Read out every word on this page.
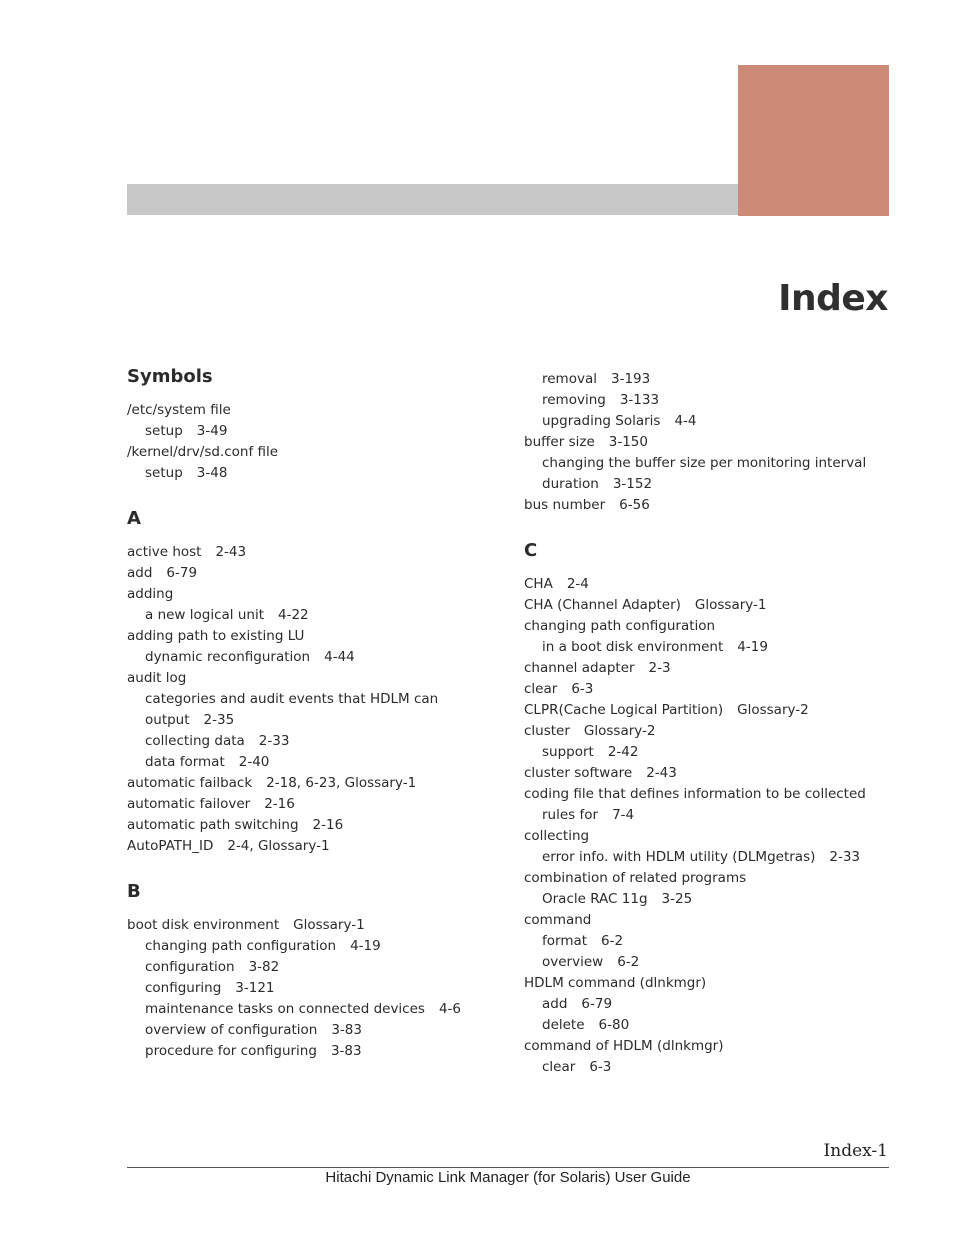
Index
Symbols
/etc/system file
setup 3-49
/kernel/drv/sd.conf file
setup 3-48
A
active host 2-43
add 6-79
adding
a new logical unit 4-22
adding path to existing LU
dynamic reconfiguration 4-44
audit log
categories and audit events that HDLM can
output 2-35
collecting data 2-33
data format 2-40
automatic failback 2-18, 6-23, Glossary-1
automatic failover 2-16
automatic path switching 2-16
AutoPATH_ID 2-4, Glossary-1
B
boot disk environment Glossary-1
changing path configuration 4-19
configuration 3-82
configuring 3-121
maintenance tasks on connected devices 4-6
overview of configuration 3-83
procedure for configuring 3-83
removal 3-193
removing 3-133
upgrading Solaris 4-4
buffer size 3-150
changing the buffer size per monitoring interval
duration 3-152
bus number 6-56
C
CHA 2-4
CHA (Channel Adapter) Glossary-1
changing path configuration
in a boot disk environment 4-19
channel adapter 2-3
clear 6-3
CLPR(Cache Logical Partition) Glossary-2
cluster Glossary-2
support 2-42
cluster software 2-43
coding file that defines information to be collected
rules for 7-4
collecting
error info. with HDLM utility (DLMgetras) 2-33
combination of related programs
Oracle RAC 11g 3-25
command
format 6-2
overview 6-2
HDLM command (dlnkmgr)
add 6-79
delete 6-80
command of HDLM (dlnkmgr)
clear 6-3
Index-1
Hitachi Dynamic Link Manager (for Solaris) User Guide
